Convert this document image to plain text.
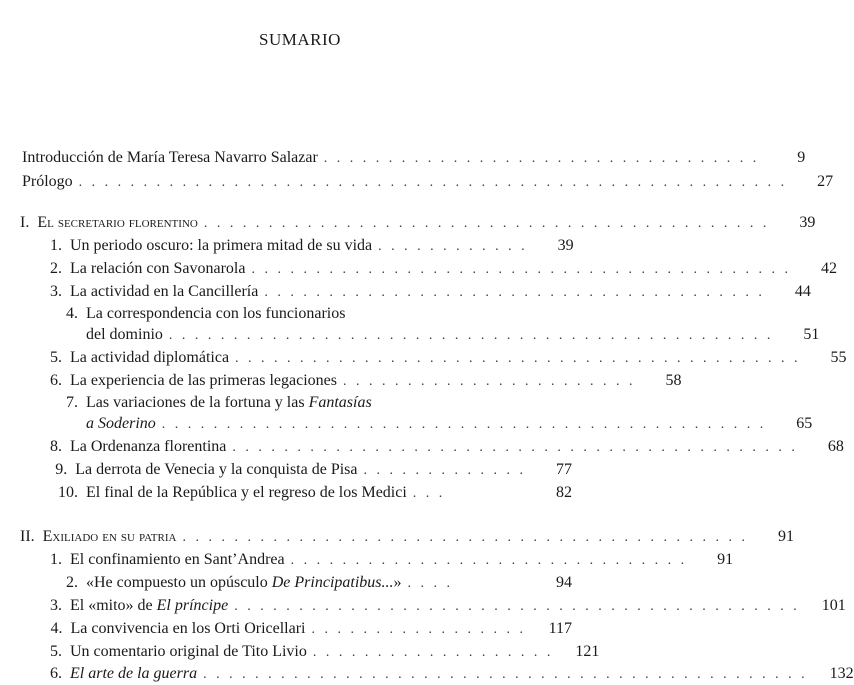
SUMARIO
Introducción de María Teresa Navarro Salazar . . . . . . . . . . . . . . . . . . . . . . . . . . . . . . . . . .	9
Prólogo . . . . . . . . . . . . . . . . . . . . . . . . . . . . . . . . . . . . . . . . . . . . . . . . . . . . . . .	27
I. El secretario florentino . . . . . . . . . . . . . . . . . . . . . . . . . . . . . . . . . . . . . . . . . . . .	39
1. Un periodo oscuro: la primera mitad de su vida . . . . . . . . . . . .	39
2. La relación con Savonarola . . . . . . . . . . . . . . . . . . . . . . . . . . . . . . . . . . . . . . . . . .	42
3. La actividad en la Cancillería . . . . . . . . . . . . . . . . . . . . . . . . . . . . . . . . . . . . . . .	44
4. La correspondencia con los funcionarios
del dominio . . . . . . . . . . . . . . . . . . . . . . . . . . . . . . . . . . . . . . . . . . . . . . .	51
5. La actividad diplomática . . . . . . . . . . . . . . . . . . . . . . . . . . . . . . . . . . . . . . . . . . . .	55
6. La experiencia de las primeras legaciones . . . . . . . . . . . . . . . . . . . . . . .	58
7. Las variaciones de la fortuna y las Fantasías
a Soderino . . . . . . . . . . . . . . . . . . . . . . . . . . . . . . . . . . . . . . . . . . . . . . .	65
8. La Ordenanza florentina . . . . . . . . . . . . . . . . . . . . . . . . . . . . . . . . . . . . . . . . . . . .	68
9. La derrota de Venecia y la conquista de Pisa . . . . . . . . . . . . .	77
10. El final de la República y el regreso de los Medici . . .	82
II. Exiliado en su patria . . . . . . . . . . . . . . . . . . . . . . . . . . . . . . . . . . . . . . . . . . . .	91
1. El confinamiento en Sant’Andrea . . . . . . . . . . . . . . . . . . . . . . . . . . . . . . .	91
2. «He compuesto un opúsculo De Principatibus...» . . . .	94
3. El «mito» de El príncipe . . . . . . . . . . . . . . . . . . . . . . . . . . . . . . . . . . . . . . . . . . . .	101
4. La convivencia en los Orti Oricellari . . . . . . . . . . . . . . . . .	117
5. Un comentario original de Tito Livio . . . . . . . . . . . . . . . . . . .	121
6. El arte de la guerra . . . . . . . . . . . . . . . . . . . . . . . . . . . . . . . . . . . . . . . . . . . . . . .	132
